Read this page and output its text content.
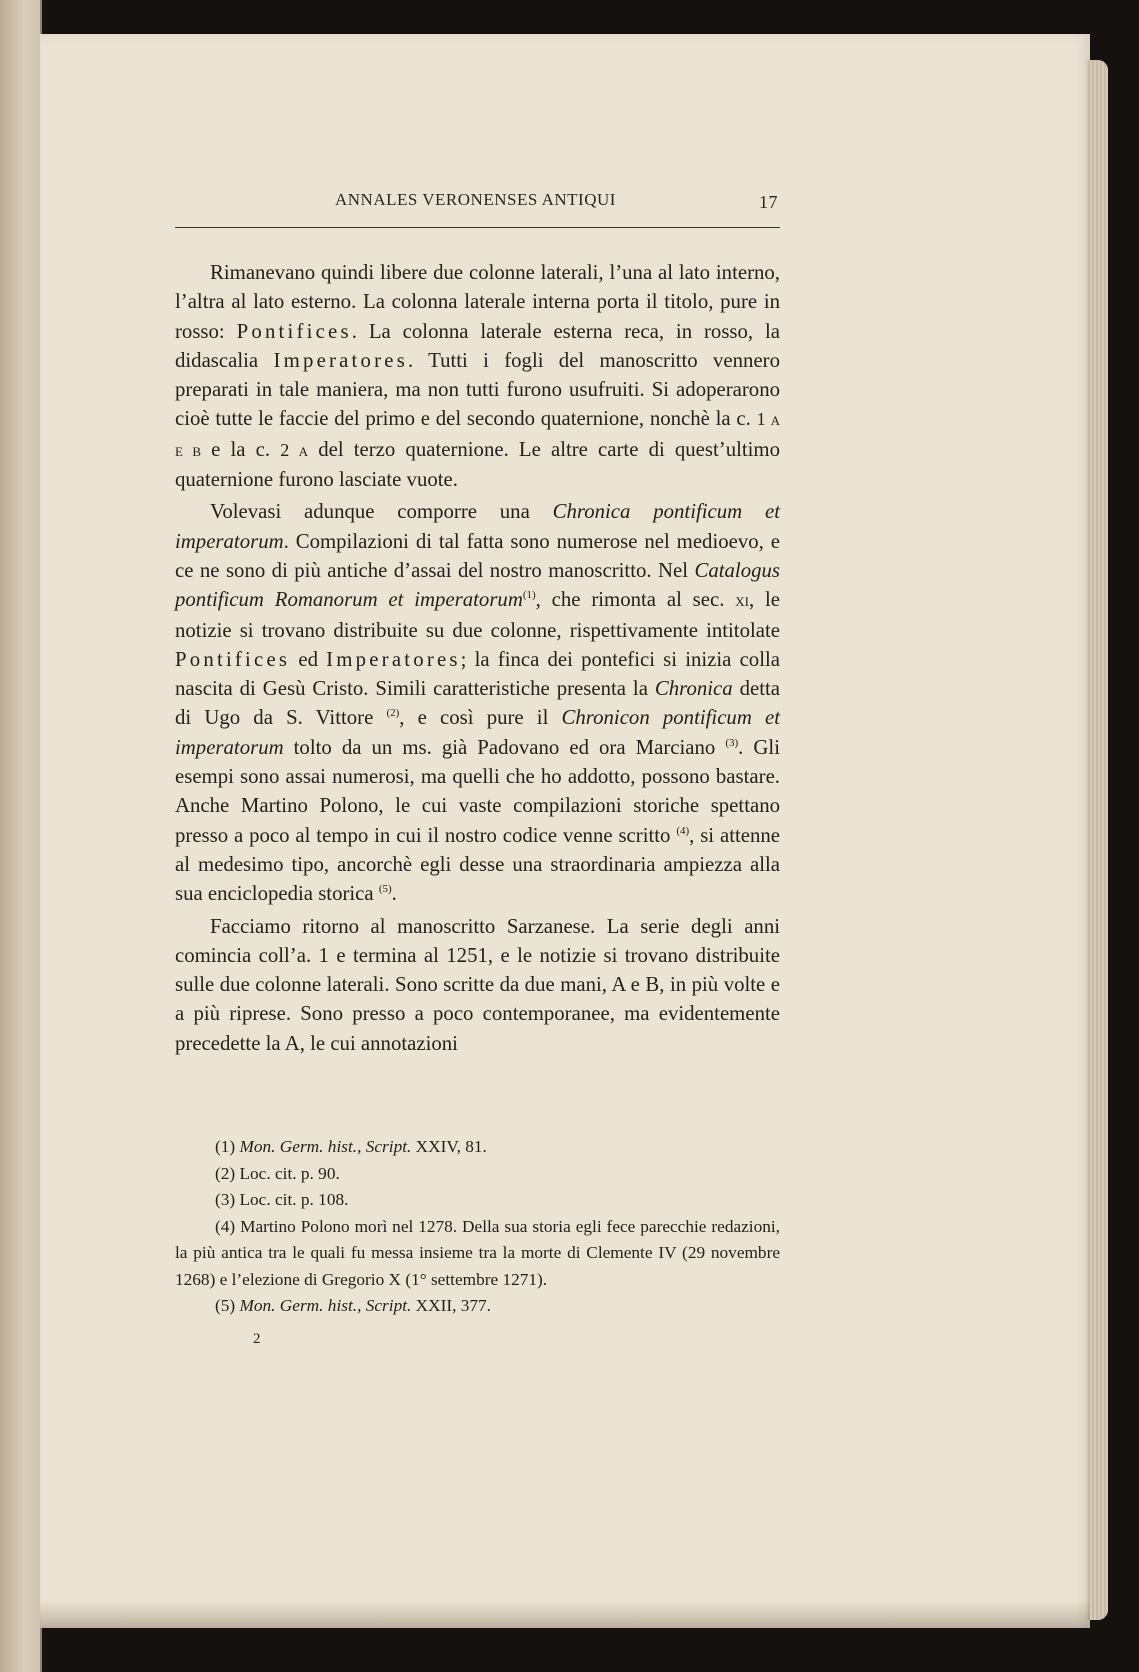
ANNALES VERONENSES ANTIQUI	17

Rimanevano quindi libere due colonne laterali, l’una al lato interno, l’altra al lato esterno. La colonna laterale interna porta il titolo, pure in rosso: Pontifices. La colonna laterale esterna reca, in rosso, la didascalia Imperatores. Tutti i fogli del manoscritto vennero preparati in tale maniera, ma non tutti furono usufruiti. Si adoperarono cioè tutte le faccie del primo e del secondo quaternione, nonchè la c. 1 a e b e la c. 2 a del terzo quaternione. Le altre carte di quest’ultimo quaternione furono lasciate vuote.

Volevasi adunque comporre una Chronica pontificum et imperatorum. Compilazioni di tal fatta sono numerose nel medioevo, e ce ne sono di più antiche d’assai del nostro manoscritto. Nel Catalogus pontificum Romanorum et imperatorum$^{(1)}$, che rimonta al sec. xi, le notizie si trovano distribuite su due colonne, rispettivamente intitolate Pontifices ed Imperatores; la finca dei pontefici si inizia colla nascita di Gesù Cristo. Simili caratteristiche presenta la Chronica detta di Ugo da S. Vittore $^{(2)}$, e così pure il Chronicon pontificum et imperatorum tolto da un ms. già Padovano ed ora Marciano $^{(3)}$. Gli esempi sono assai numerosi, ma quelli che ho addotto, possono bastare. Anche Martino Polono, le cui vaste compilazioni storiche spettano presso a poco al tempo in cui il nostro codice venne scritto $^{(4)}$, si attenne al medesimo tipo, ancorchè egli desse una straordinaria ampiezza alla sua enciclopedia storica $^{(5)}$.

Facciamo ritorno al manoscritto Sarzanese. La serie degli anni comincia coll’a. 1 e termina al 1251, e le notizie si trovano distribuite sulle due colonne laterali. Sono scritte da due mani, A e B, in più volte e a più riprese. Sono presso a poco contemporanee, ma evidentemente precedette la A, le cui annotazioni

(1) Mon. Germ. hist., Script. XXIV, 81.

(2) Loc. cit. p. 90.

(3) Loc. cit. p. 108.

(4) Martino Polono morì nel 1278. Della sua storia egli fece parecchie redazioni, la più antica tra le quali fu messa insieme tra la morte di Clemente IV (29 novembre 1268) e l’elezione di Gregorio X (1° settembre 1271).

(5) Mon. Germ. hist., Script. XXII, 377.

2
